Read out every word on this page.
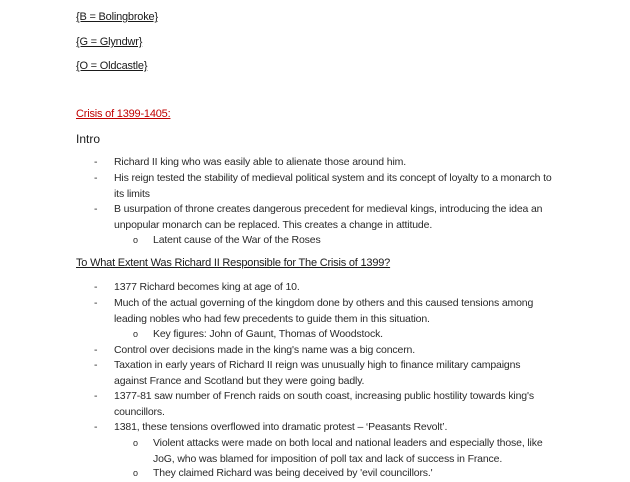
{B = Bolingbroke}
{G = Glyndwr}
{O = Oldcastle}
Crisis of 1399-1405:
Intro
- Richard II king who was easily able to alienate those around him.
- His reign tested the stability of medieval political system and its concept of loyalty to a monarch to its limits
- B usurpation of throne creates dangerous precedent for medieval kings, introducing the idea an unpopular monarch can be replaced. This creates a change in attitude.
o Latent cause of the War of the Roses
To What Extent Was Richard II Responsible for The Crisis of 1399?
- 1377 Richard becomes king at age of 10.
- Much of the actual governing of the kingdom done by others and this caused tensions among leading nobles who had few precedents to guide them in this situation.
o Key figures: John of Gaunt, Thomas of Woodstock.
- Control over decisions made in the king's name was a big concern.
- Taxation in early years of Richard II reign was unusually high to finance military campaigns against France and Scotland but they were going badly.
- 1377-81 saw number of French raids on south coast, increasing public hostility towards king's councillors.
- 1381, these tensions overflowed into dramatic protest – ‘Peasants Revolt’.
o Violent attacks were made on both local and national leaders and especially those, like JoG, who was blamed for imposition of poll tax and lack of success in France.
o They claimed Richard was being deceived by 'evil councillors.'
